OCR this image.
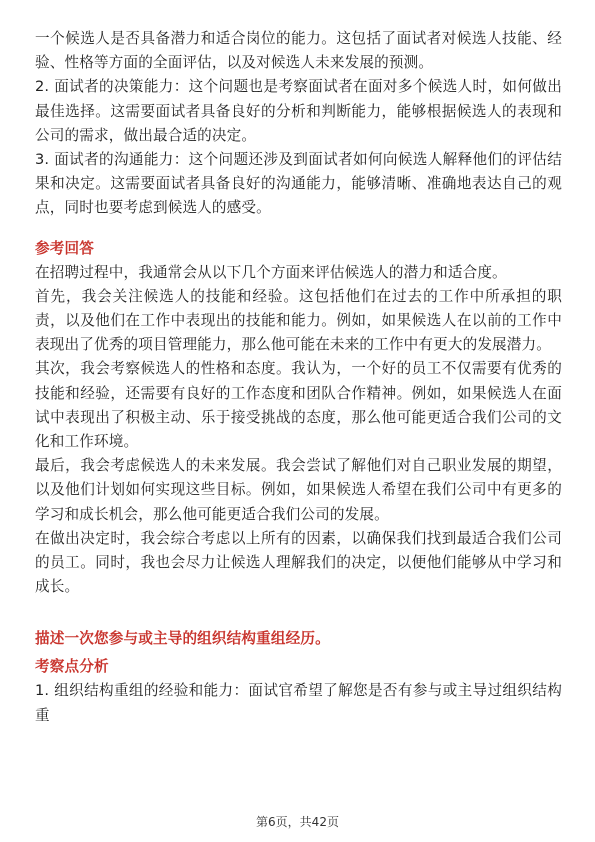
一个候选人是否具备潜力和适合岗位的能力。这包括了面试者对候选人技能、经验、性格等方面的全面评估，以及对候选人未来发展的预测。

2. 面试者的决策能力：这个问题也是考察面试者在面对多个候选人时，如何做出最佳选择。这需要面试者具备良好的分析和判断能力，能够根据候选人的表现和公司的需求，做出最合适的决定。

3. 面试者的沟通能力：这个问题还涉及到面试者如何向候选人解释他们的评估结果和决定。这需要面试者具备良好的沟通能力，能够清晰、准确地表达自己的观点，同时也要考虑到候选人的感受。

参考回答

在招聘过程中，我通常会从以下几个方面来评估候选人的潜力和适合度。

首先，我会关注候选人的技能和经验。这包括他们在过去的工作中所承担的职责，以及他们在工作中表现出的技能和能力。例如，如果候选人在以前的工作中表现出了优秀的项目管理能力，那么他可能在未来的工作中有更大的发展潜力。

其次，我会考察候选人的性格和态度。我认为，一个好的员工不仅需要有优秀的技能和经验，还需要有良好的工作态度和团队合作精神。例如，如果候选人在面试中表现出了积极主动、乐于接受挑战的态度，那么他可能更适合我们公司的文化和工作环境。

最后，我会考虑候选人的未来发展。我会尝试了解他们对自己职业发展的期望，以及他们计划如何实现这些目标。例如，如果候选人希望在我们公司中有更多的学习和成长机会，那么他可能更适合我们公司的发展。

在做出决定时，我会综合考虑以上所有的因素，以确保我们找到最适合我们公司的员工。同时，我也会尽力让候选人理解我们的决定，以便他们能够从中学习和成长。

描述一次您参与或主导的组织结构重组经历。

考察点分析

1. 组织结构重组的经验和能力：面试官希望了解您是否有参与或主导过组织结构重

第6页，共42页
